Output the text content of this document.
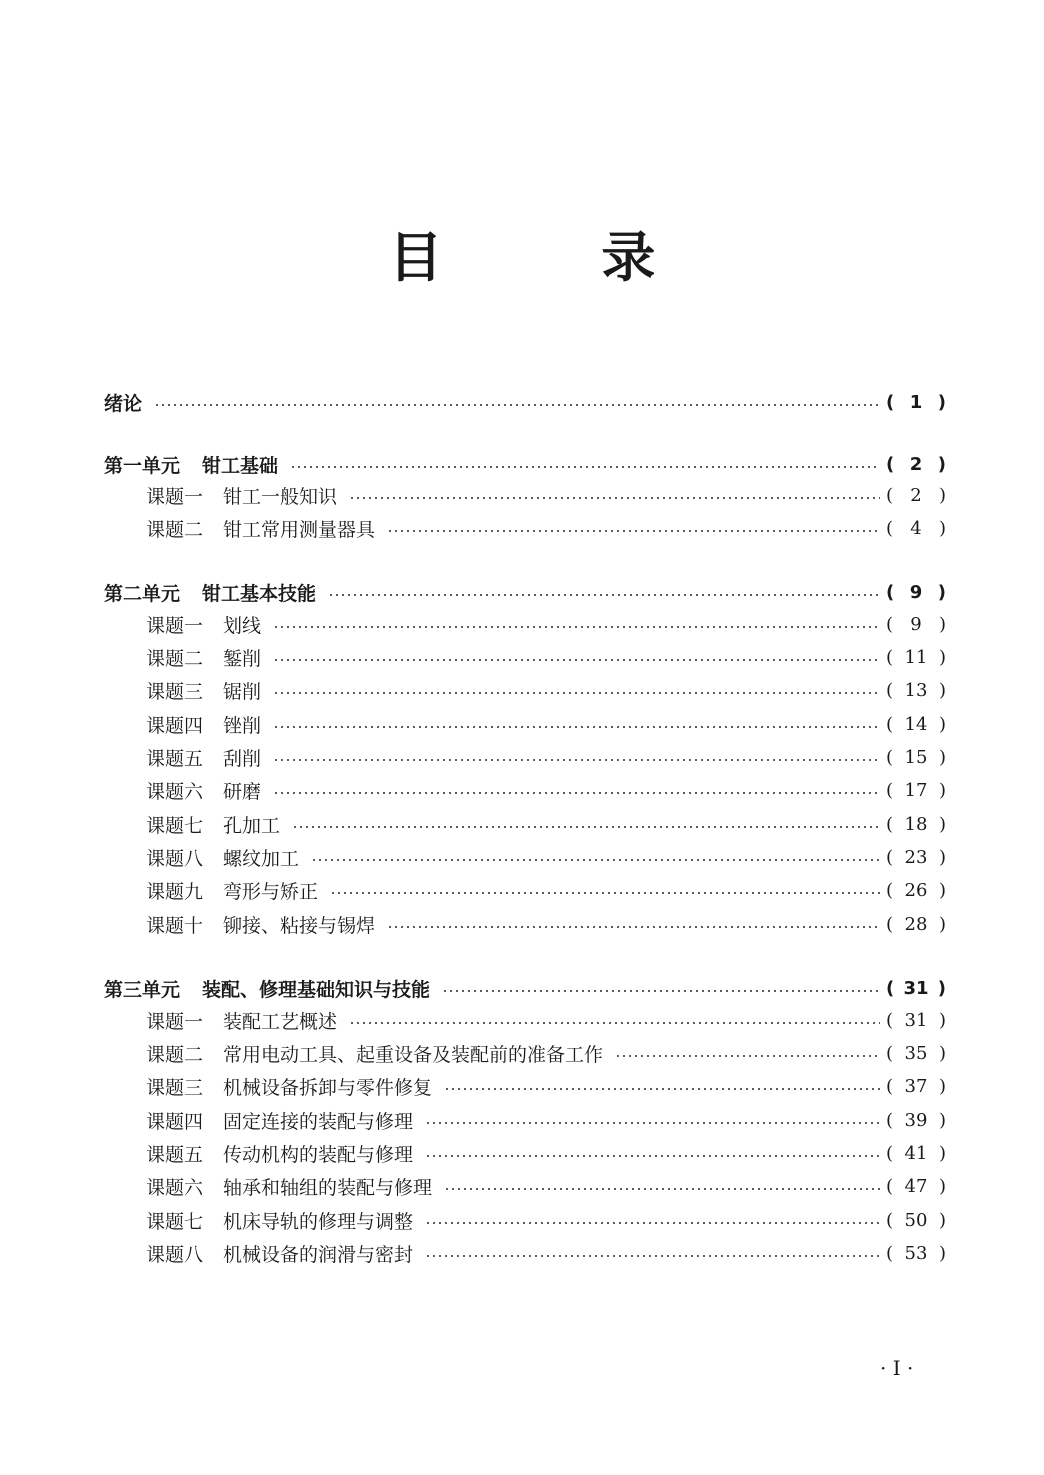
目 录
绪论	( 1 )
第一单元 钳工基础	( 2 )
课题一 钳工一般知识	( 2 )
课题二 钳工常用测量器具	( 4 )
第二单元 钳工基本技能	( 9 )
课题一 划线	( 9 )
课题二 錾削	( 11 )
课题三 锯削	( 13 )
课题四 锉削	( 14 )
课题五 刮削	( 15 )
课题六 研磨	( 17 )
课题七 孔加工	( 18 )
课题八 螺纹加工	( 23 )
课题九 弯形与矫正	( 26 )
课题十 铆接、粘接与锡焊	( 28 )
第三单元 装配、修理基础知识与技能	( 31 )
课题一 装配工艺概述	( 31 )
课题二 常用电动工具、起重设备及装配前的准备工作	( 35 )
课题三 机械设备拆卸与零件修复	( 37 )
课题四 固定连接的装配与修理	( 39 )
课题五 传动机构的装配与修理	( 41 )
课题六 轴承和轴组的装配与修理	( 47 )
课题七 机床导轨的修理与调整	( 50 )
课题八 机械设备的润滑与密封	( 53 )
· I ·
